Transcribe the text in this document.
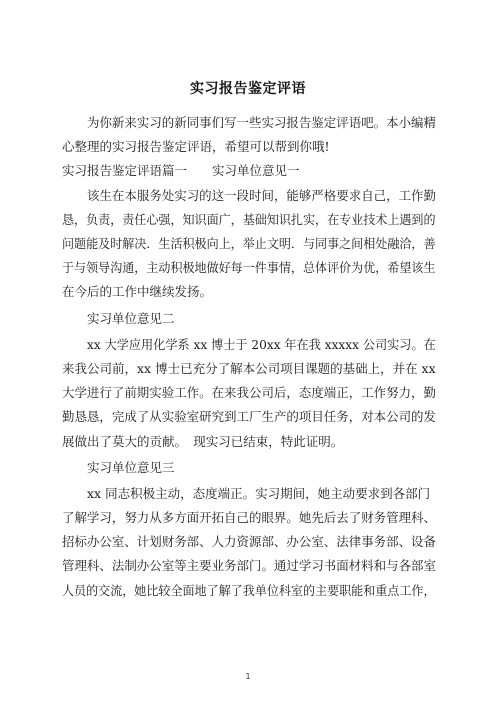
实习报告鉴定评语
为你新来实习的新同事们写一些实习报告鉴定评语吧。本小编精
心整理的实习报告鉴定评语，希望可以帮到你哦!
实习报告鉴定评语篇一　　实习单位意见一
该生在本服务处实习的这一段时间，能够严格要求自己，工作勤
恳，负责，责任心强，知识面广，基础知识扎实，在专业技术上遇到的
问题能及时解决．生活积极向上，举止文明．与同事之间相处融洽，善
于与领导沟通，主动积极地做好每一件事情，总体评价为优，希望该生
在今后的工作中继续发扬。
实习单位意见二
xx 大学应用化学系 xx 博士于 20xx 年在我 xxxxx 公司实习。在
来我公司前，xx 博士已充分了解本公司项目课题的基础上，并在 xx
大学进行了前期实验工作。在来我公司后，态度端正，工作努力，勤
勤恳恳，完成了从实验室研究到工厂生产的项目任务，对本公司的发
展做出了莫大的贡献。　现实习已结束，特此证明。
实习单位意见三
xx 同志积极主动，态度端正。实习期间，她主动要求到各部门
了解学习，努力从多方面开拓自己的眼界。她先后去了财务管理科、
招标办公室、计划财务部、人力资源部、办公室、法律事务部、设备
管理科、法制办公室等主要业务部门。通过学习书面材料和与各部室
人员的交流，她比较全面地了解了我单位科室的主要职能和重点工作，
1
